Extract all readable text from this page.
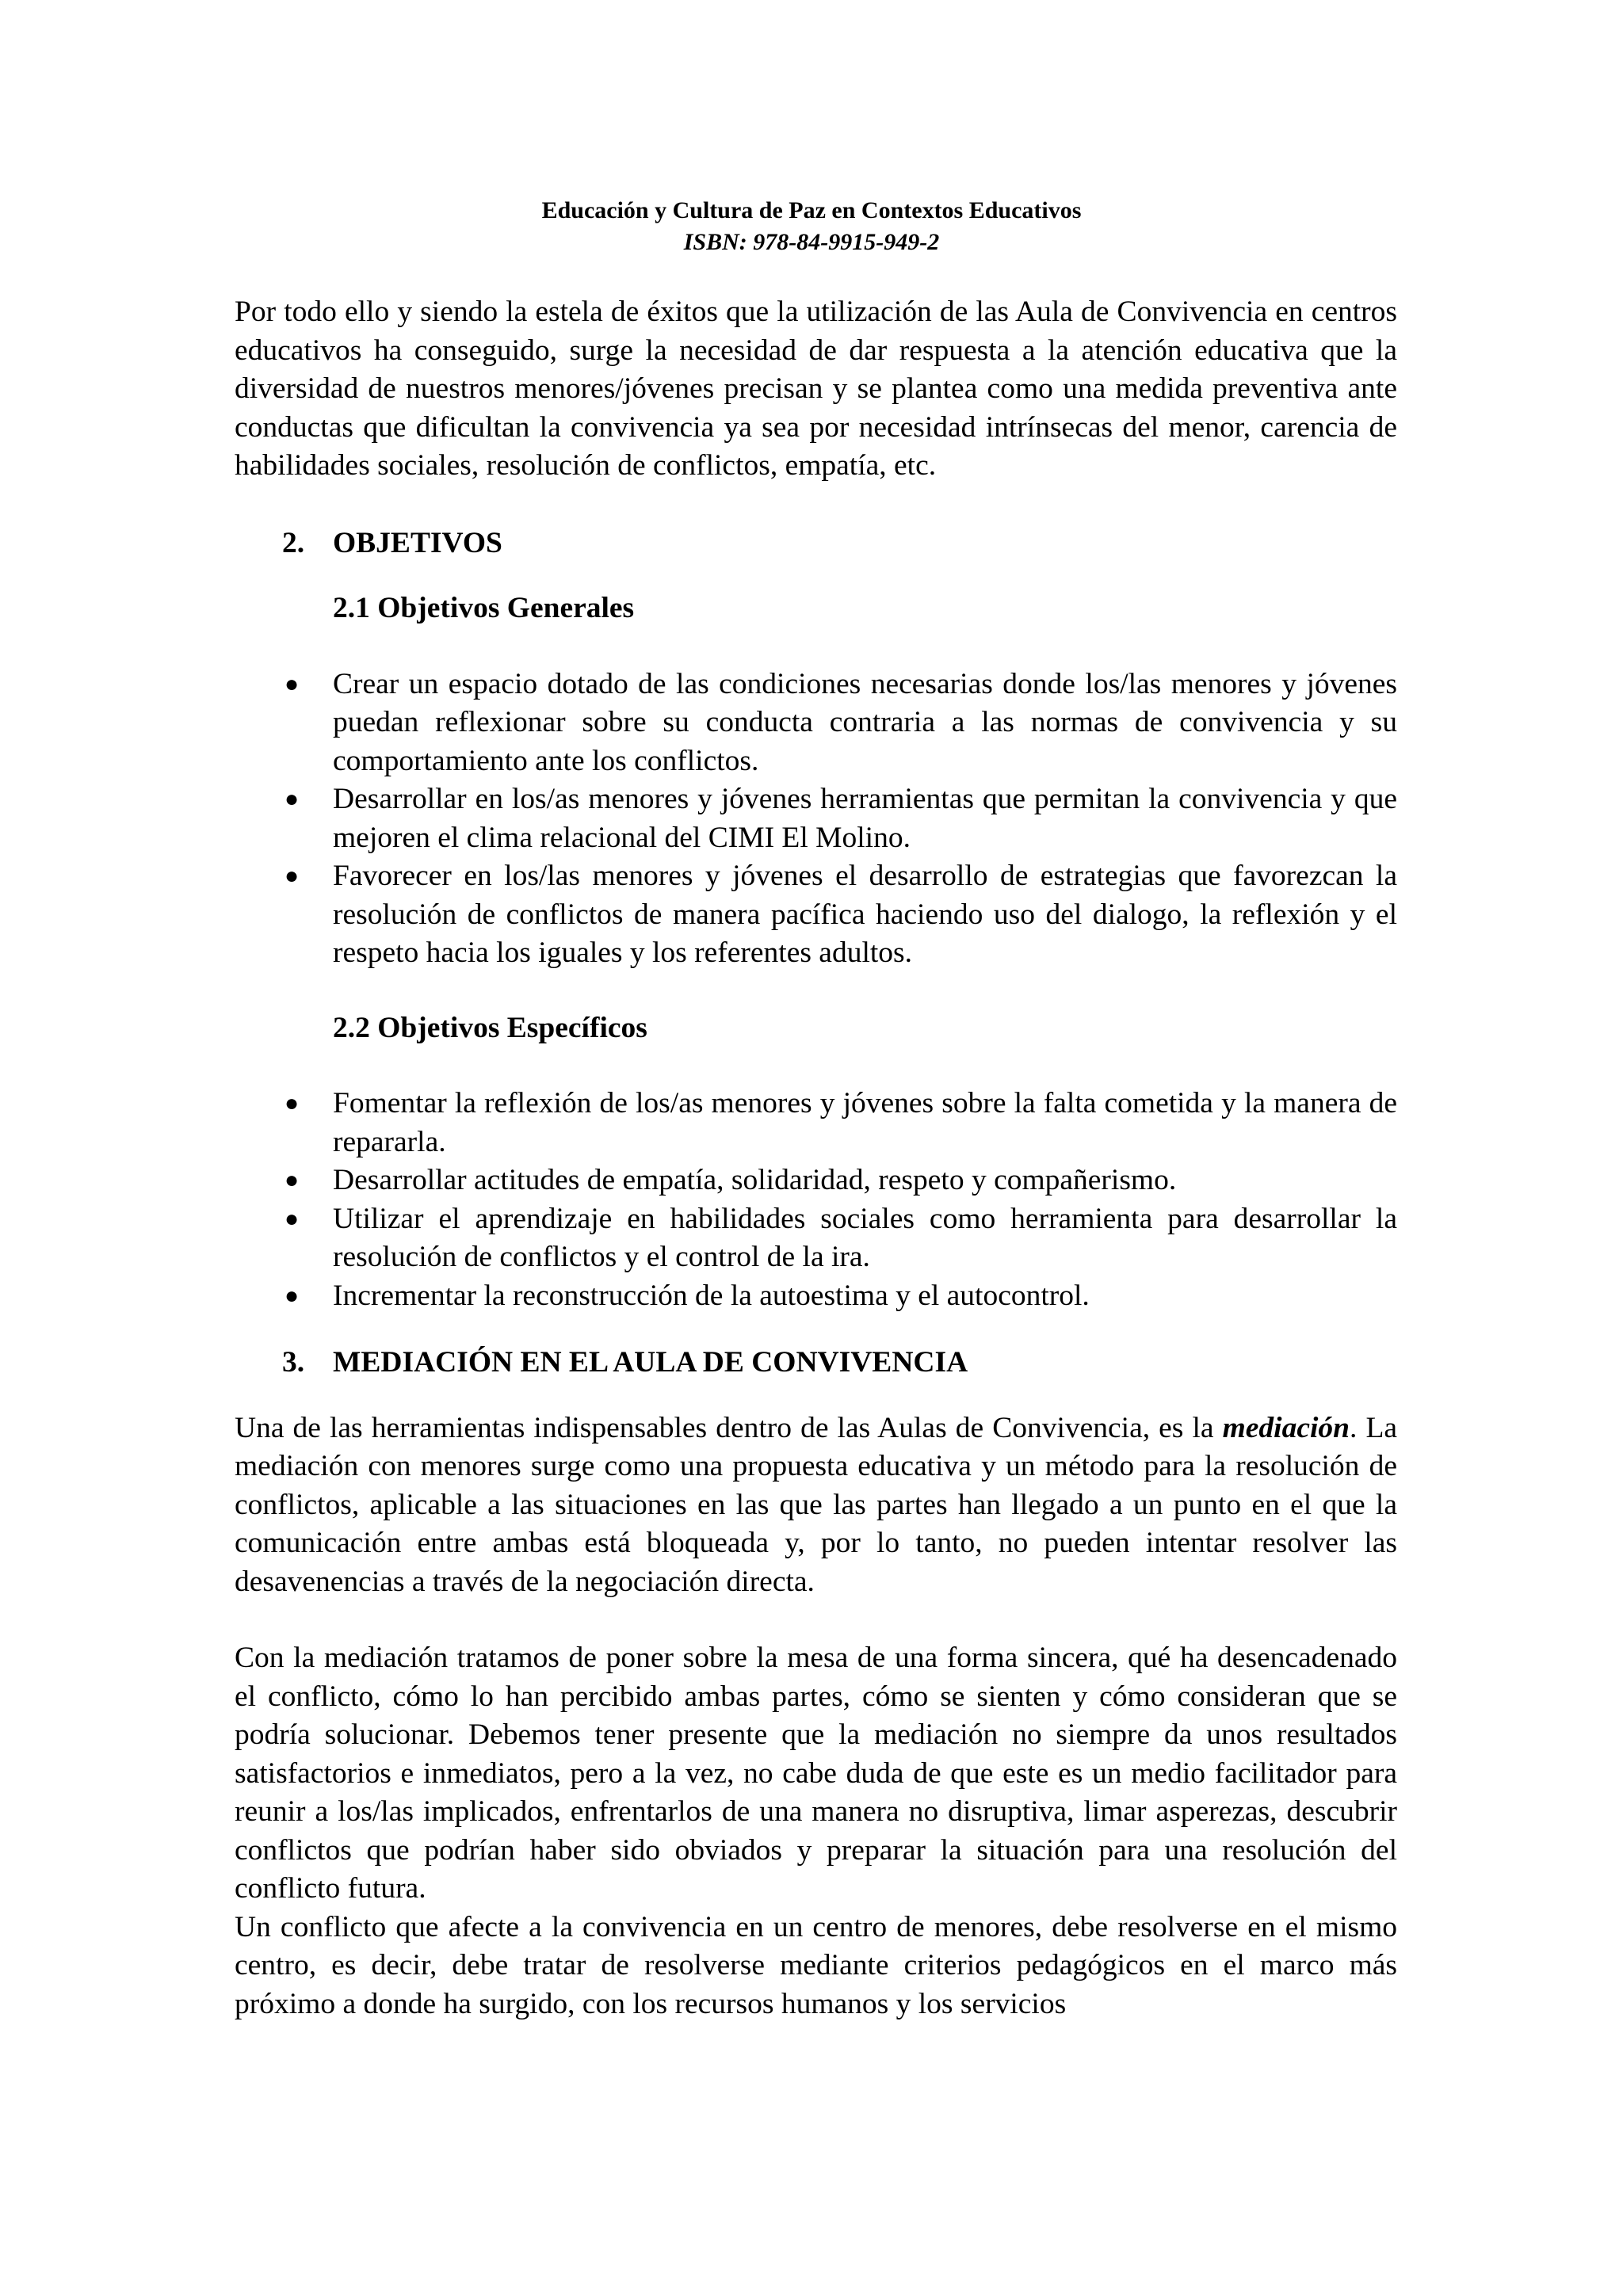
Educación y Cultura de Paz en Contextos Educativos
ISBN: 978-84-9915-949-2

Por todo ello y siendo la estela de éxitos que la utilización de las Aula de Convivencia en centros educativos ha conseguido, surge la necesidad de dar respuesta a la atención educativa que la diversidad de nuestros menores/jóvenes precisan y se plantea como una medida preventiva ante conductas que dificultan la convivencia ya sea por necesidad intrínsecas del menor, carencia de habilidades sociales, resolución de conflictos, empatía, etc.

2. OBJETIVOS
2.1 Objetivos Generales
● Crear un espacio dotado de las condiciones necesarias donde los/las menores y jóvenes puedan reflexionar sobre su conducta contraria a las normas de convivencia y su comportamiento ante los conflictos.
● Desarrollar en los/as menores y jóvenes herramientas que permitan la convivencia y que mejoren el clima relacional del CIMI El Molino.
● Favorecer en los/las menores y jóvenes el desarrollo de estrategias que favorezcan la resolución de conflictos de manera pacífica haciendo uso del dialogo, la reflexión y el respeto hacia los iguales y los referentes adultos.
2.2 Objetivos Específicos
● Fomentar la reflexión de los/as menores y jóvenes sobre la falta cometida y la manera de repararla.
● Desarrollar actitudes de empatía, solidaridad, respeto y compañerismo.
● Utilizar el aprendizaje en habilidades sociales como herramienta para desarrollar la resolución de conflictos y el control de la ira.
● Incrementar la reconstrucción de la autoestima y el autocontrol.
3. MEDIACIÓN EN EL AULA DE CONVIVENCIA

Una de las herramientas indispensables dentro de las Aulas de Convivencia, es la mediación. La mediación con menores surge como una propuesta educativa y un método para la resolución de conflictos, aplicable a las situaciones en las que las partes han llegado a un punto en el que la comunicación entre ambas está bloqueada y, por lo tanto, no pueden intentar resolver las desavenencias a través de la negociación directa.

Con la mediación tratamos de poner sobre la mesa de una forma sincera, qué ha desencadenado el conflicto, cómo lo han percibido ambas partes, cómo se sienten y cómo consideran que se podría solucionar. Debemos tener presente que la mediación no siempre da unos resultados satisfactorios e inmediatos, pero a la vez, no cabe duda de que este es un medio facilitador para reunir a los/las implicados, enfrentarlos de una manera no disruptiva, limar asperezas, descubrir conflictos que podrían haber sido obviados y preparar la situación para una resolución del conflicto futura.

Un conflicto que afecte a la convivencia en un centro de menores, debe resolverse en el mismo centro, es decir, debe tratar de resolverse mediante criterios pedagógicos en el marco más próximo a donde ha surgido, con los recursos humanos y los servicios
